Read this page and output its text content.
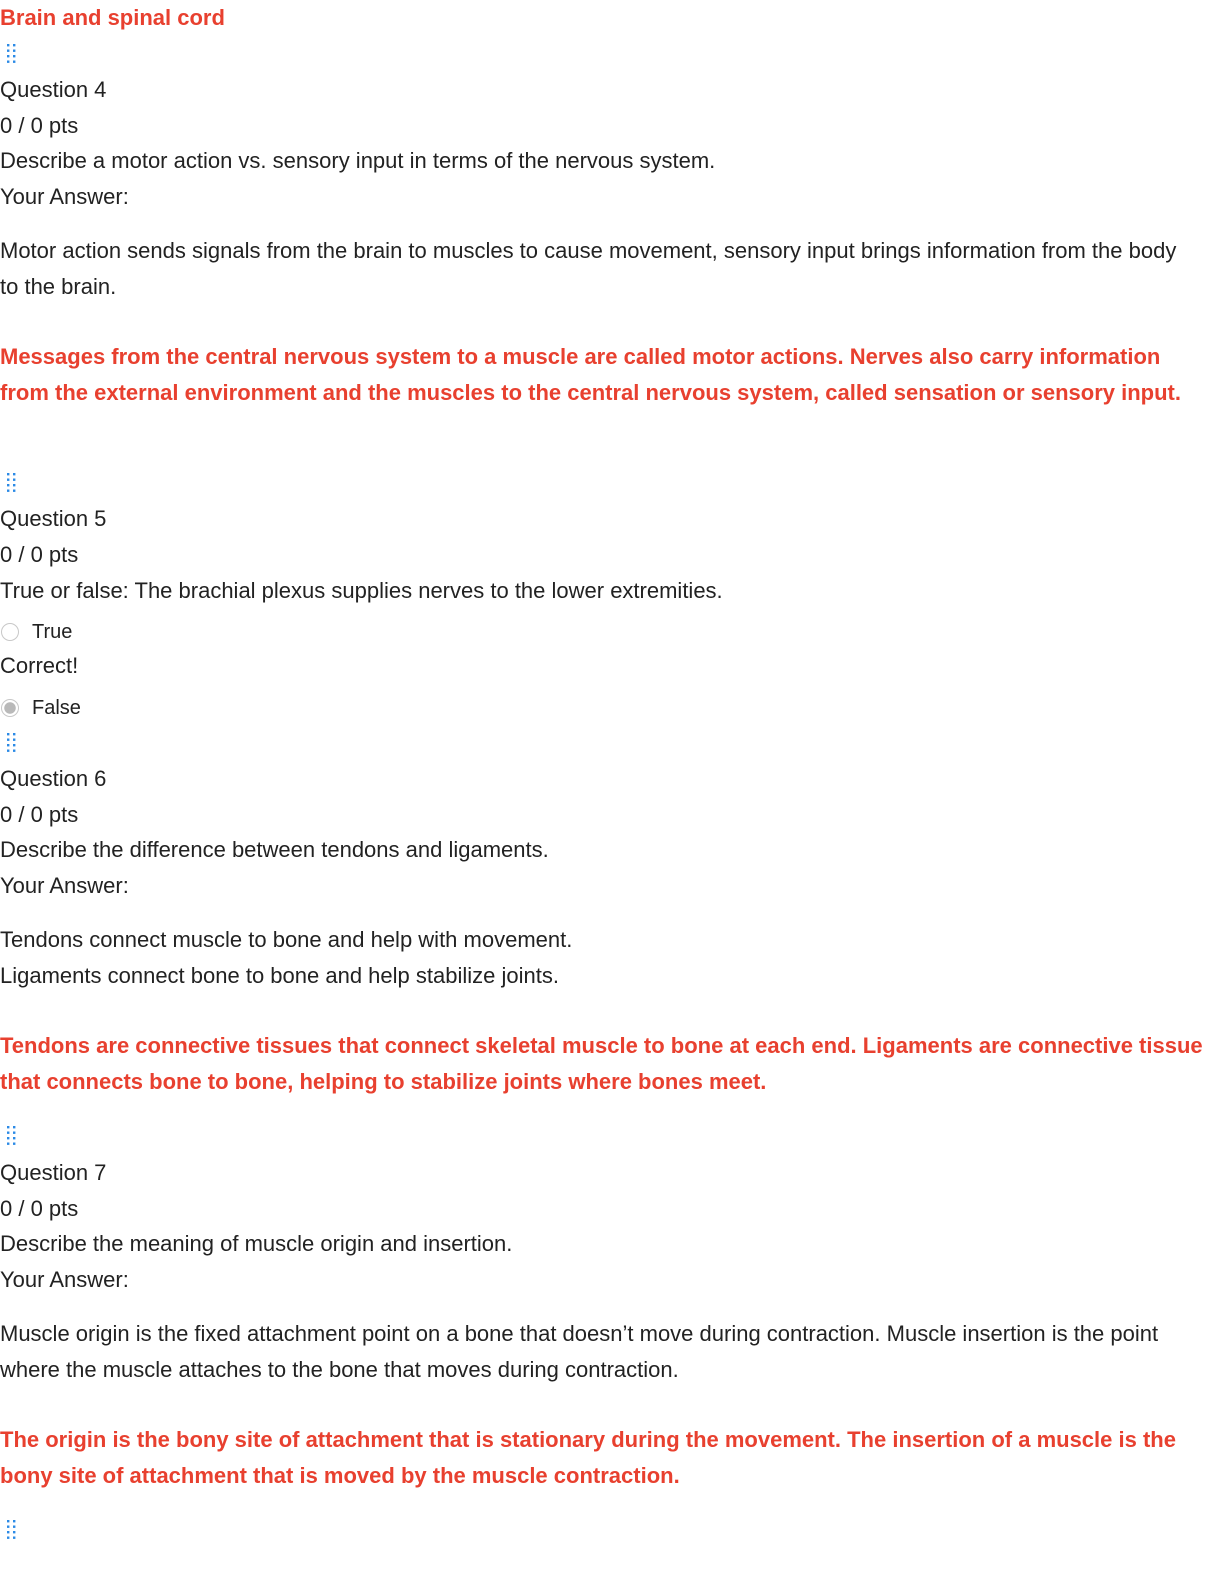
Brain and spinal cord
Question 4
0 / 0 pts
Describe a motor action vs. sensory input in terms of the nervous system.
Your Answer:

Motor action sends signals from the brain to muscles to cause movement, sensory input brings information from the body to the brain.

Messages from the central nervous system to a muscle are called motor actions. Nerves also carry information from the external environment and the muscles to the central nervous system, called sensation or sensory input.

Question 5
0 / 0 pts
True or false: The brachial plexus supplies nerves to the lower extremities.
True
Correct!
False
Question 6
0 / 0 pts
Describe the difference between tendons and ligaments.
Your Answer:
Tendons connect muscle to bone and help with movement.
Ligaments connect bone to bone and help stabilize joints.

Tendons are connective tissues that connect skeletal muscle to bone at each end. Ligaments are connective tissue that connects bone to bone, helping to stabilize joints where bones meet.

Question 7
0 / 0 pts
Describe the meaning of muscle origin and insertion.
Your Answer:

Muscle origin is the fixed attachment point on a bone that doesn’t move during contraction. Muscle insertion is the point where the muscle attaches to the bone that moves during contraction.

The origin is the bony site of attachment that is stationary during the movement. The insertion of a muscle is the bony site of attachment that is moved by the muscle contraction.
